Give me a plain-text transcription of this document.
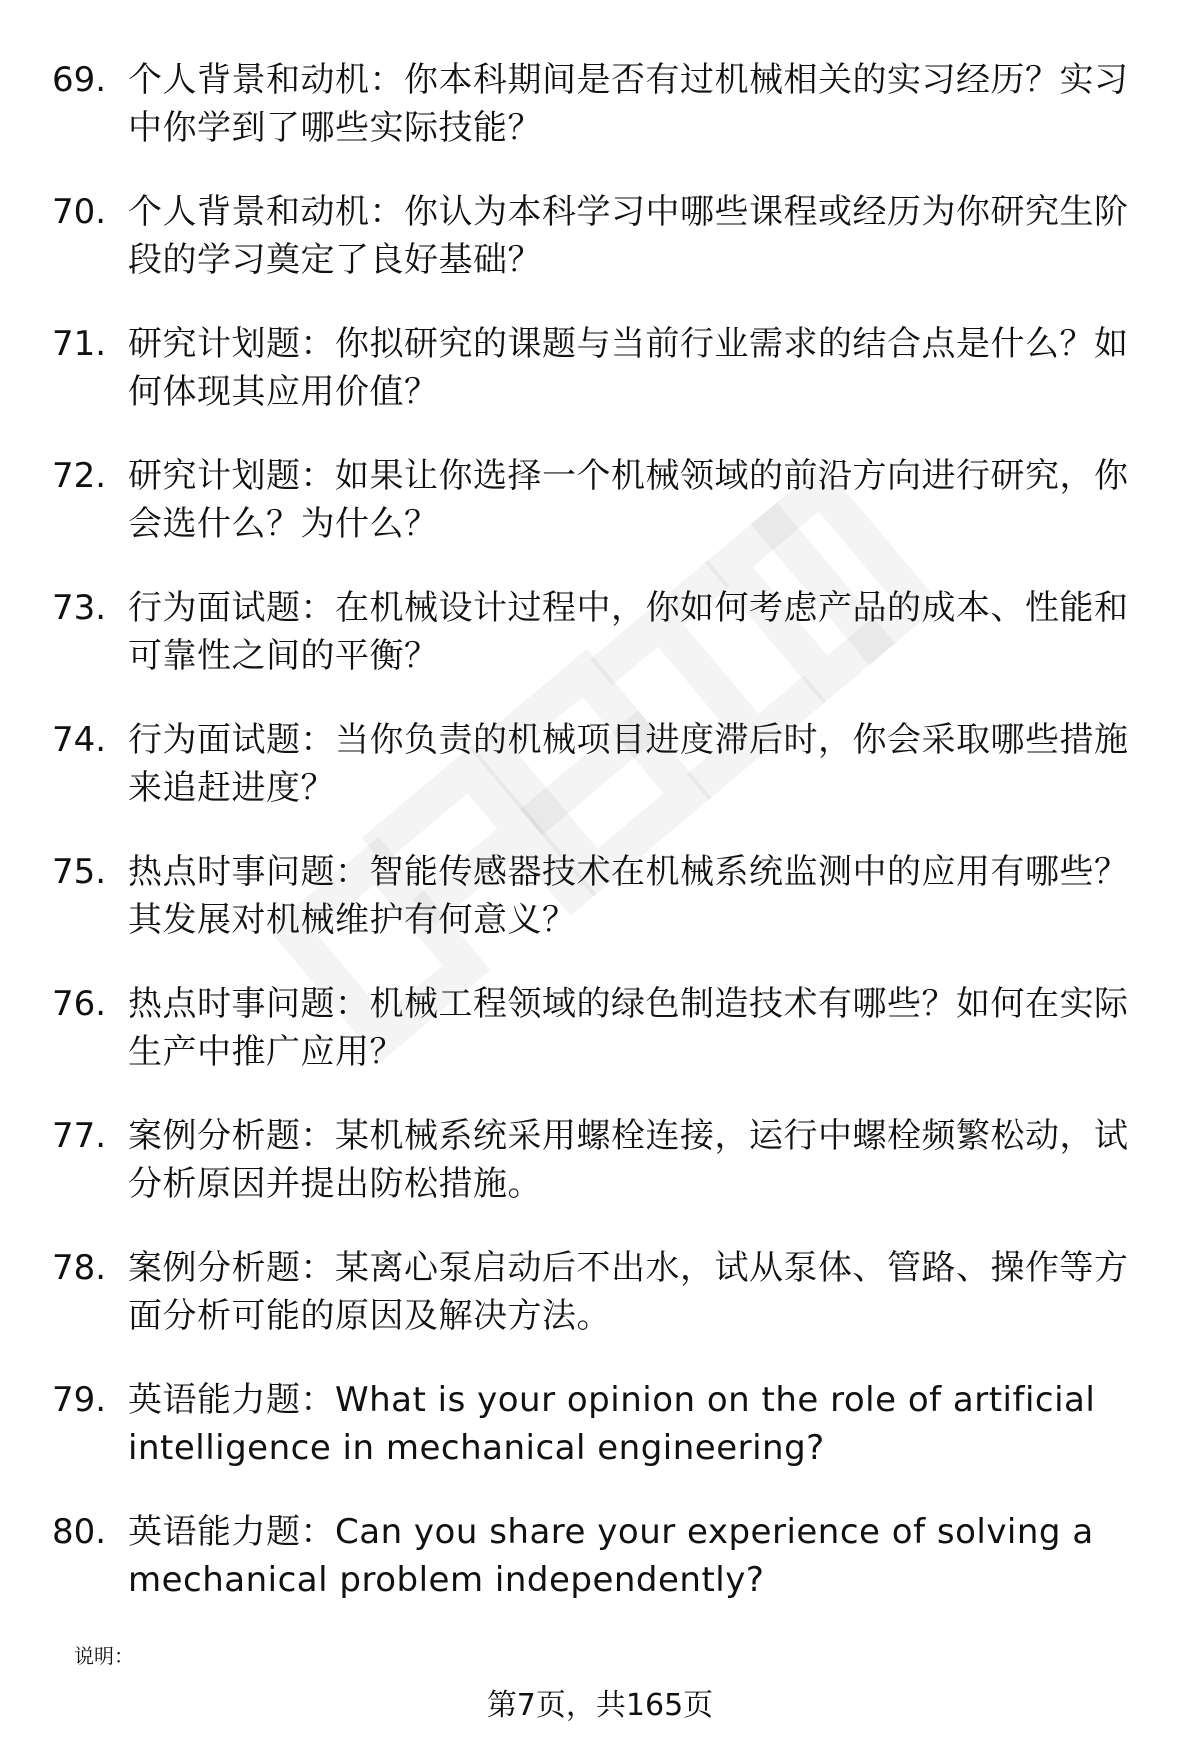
69. 个人背景和动机：你本科期间是否有过机械相关的实习经历？实习中你学到了哪些实际技能？
70. 个人背景和动机：你认为本科学习中哪些课程或经历为你研究生阶段的学习奠定了良好基础？
71. 研究计划题：你拟研究的课题与当前行业需求的结合点是什么？如何体现其应用价值？
72. 研究计划题：如果让你选择一个机械领域的前沿方向进行研究，你会选什么？为什么？
73. 行为面试题：在机械设计过程中，你如何考虑产品的成本、性能和可靠性之间的平衡？
74. 行为面试题：当你负责的机械项目进度滞后时，你会采取哪些措施来追赶进度？
75. 热点时事问题：智能传感器技术在机械系统监测中的应用有哪些？其发展对机械维护有何意义？
76. 热点时事问题：机械工程领域的绿色制造技术有哪些？如何在实际生产中推广应用？
77. 案例分析题：某机械系统采用螺栓连接，运行中螺栓频繁松动，试分析原因并提出防松措施。
78. 案例分析题：某离心泵启动后不出水，试从泵体、管路、操作等方面分析可能的原因及解决方法。
79. 英语能力题：What is your opinion on the role of artificial intelligence in mechanical engineering?
80. 英语能力题：Can you share your experience of solving a mechanical problem independently?
说明：
第7页，共165页
